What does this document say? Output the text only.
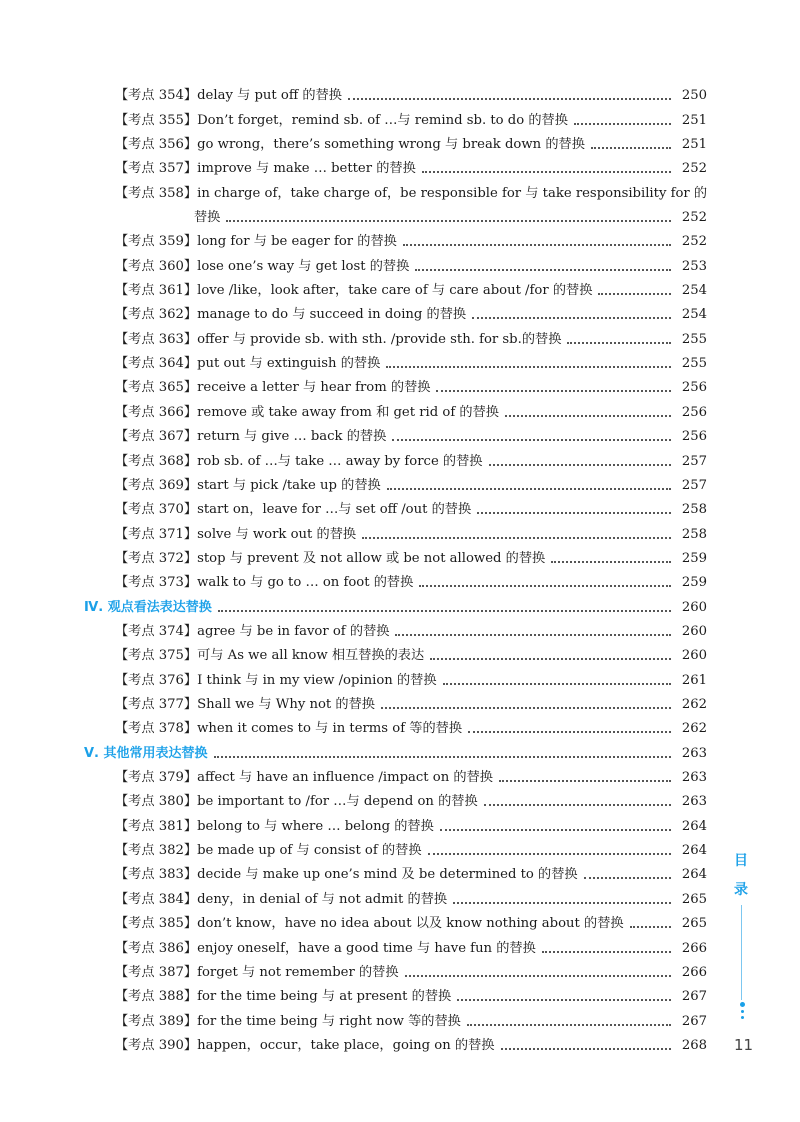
【考点 354】delay 与 put off 的替换	250
【考点 355】Don’t forget，remind sb. of …与 remind sb. to do 的替换	251
【考点 356】go wrong，there’s something wrong 与 break down 的替换	251
【考点 357】improve 与 make … better 的替换	252
【考点 358】in charge of，take charge of，be responsible for 与 take responsibility for 的
替换	252
【考点 359】long for 与 be eager for 的替换	252
【考点 360】lose one’s way 与 get lost 的替换	253
【考点 361】love /like，look after，take care of 与 care about /for 的替换	254
【考点 362】manage to do 与 succeed in doing 的替换	254
【考点 363】offer 与 provide sb. with sth. /provide sth. for sb.的替换	255
【考点 364】put out 与 extinguish 的替换	255
【考点 365】receive a letter 与 hear from 的替换	256
【考点 366】remove 或 take away from 和 get rid of 的替换	256
【考点 367】return 与 give … back 的替换	256
【考点 368】rob sb. of …与 take … away by force 的替换	257
【考点 369】start 与 pick /take up 的替换	257
【考点 370】start on，leave for …与 set off /out 的替换	258
【考点 371】solve 与 work out 的替换	258
【考点 372】stop 与 prevent 及 not allow 或 be not allowed 的替换	259
【考点 373】walk to 与 go to … on foot 的替换	259
Ⅳ. 观点看法表达替换	260
【考点 374】agree 与 be in favor of 的替换	260
【考点 375】可与 As we all know 相互替换的表达	260
【考点 376】I think 与 in my view /opinion 的替换	261
【考点 377】Shall we 与 Why not 的替换	262
【考点 378】when it comes to 与 in terms of 等的替换	262
Ⅴ. 其他常用表达替换	263
【考点 379】affect 与 have an influence /impact on 的替换	263
【考点 380】be important to /for …与 depend on 的替换	263
【考点 381】belong to 与 where … belong 的替换	264
【考点 382】be made up of 与 consist of 的替换	264
【考点 383】decide 与 make up one’s mind 及 be determined to 的替换	264
【考点 384】deny，in denial of 与 not admit 的替换	265
【考点 385】don’t know，have no idea about 以及 know nothing about 的替换	265
【考点 386】enjoy oneself，have a good time 与 have fun 的替换	266
【考点 387】forget 与 not remember 的替换	266
【考点 388】for the time being 与 at present 的替换	267
【考点 389】for the time being 与 right now 等的替换	267
【考点 390】happen，occur，take place，going on 的替换	268
目
录
11
